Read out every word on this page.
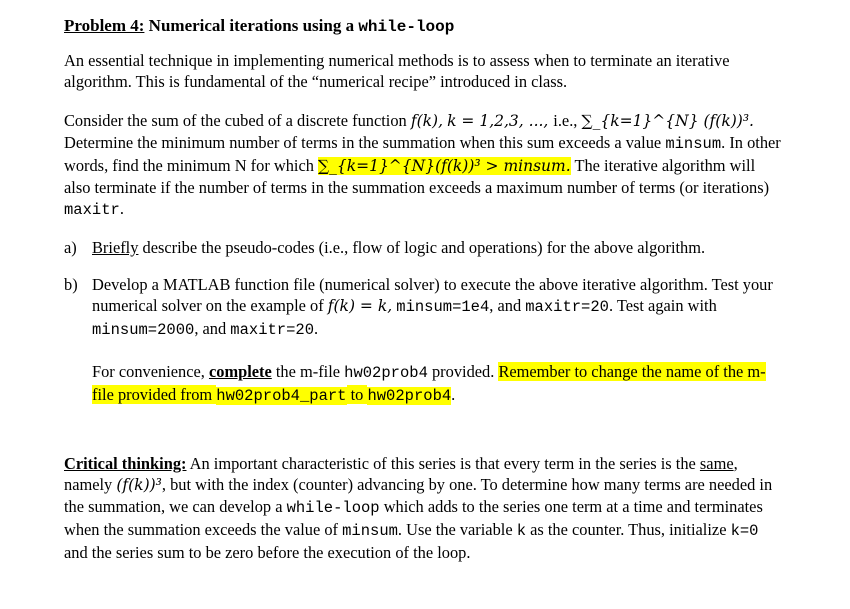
Problem 4: Numerical iterations using a while-loop

An essential technique in implementing numerical methods is to assess when to terminate an iterative algorithm. This is fundamental of the “numerical recipe” introduced in class.

Consider the sum of the cubed of a discrete function f(k), k = 1,2,3, ..., i.e., ∑_{k=1}^{N} (f(k))³. Determine the minimum number of terms in the summation when this sum exceeds a value minsum. In other words, find the minimum N for which ∑_{k=1}^{N}(f(k))³ > minsum. The iterative algorithm will also terminate if the number of terms in the summation exceeds a maximum number of terms (or iterations) maxitr.

a) Briefly describe the pseudo-codes (i.e., flow of logic and operations) for the above algorithm.
b) Develop a MATLAB function file (numerical solver) to execute the above iterative algorithm. Test your numerical solver on the example of f(k) = k, minsum=1e4, and maxitr=20. Test again with minsum=2000, and maxitr=20.

For convenience, complete the m-file hw02prob4 provided. Remember to change the name of the m-file provided from hw02prob4_part to hw02prob4.

Critical thinking: An important characteristic of this series is that every term in the series is the same, namely (f(k))³, but with the index (counter) advancing by one. To determine how many terms are needed in the summation, we can develop a while-loop which adds to the series one term at a time and terminates when the summation exceeds the value of minsum. Use the variable k as the counter. Thus, initialize k=0 and the series sum to be zero before the execution of the loop.
